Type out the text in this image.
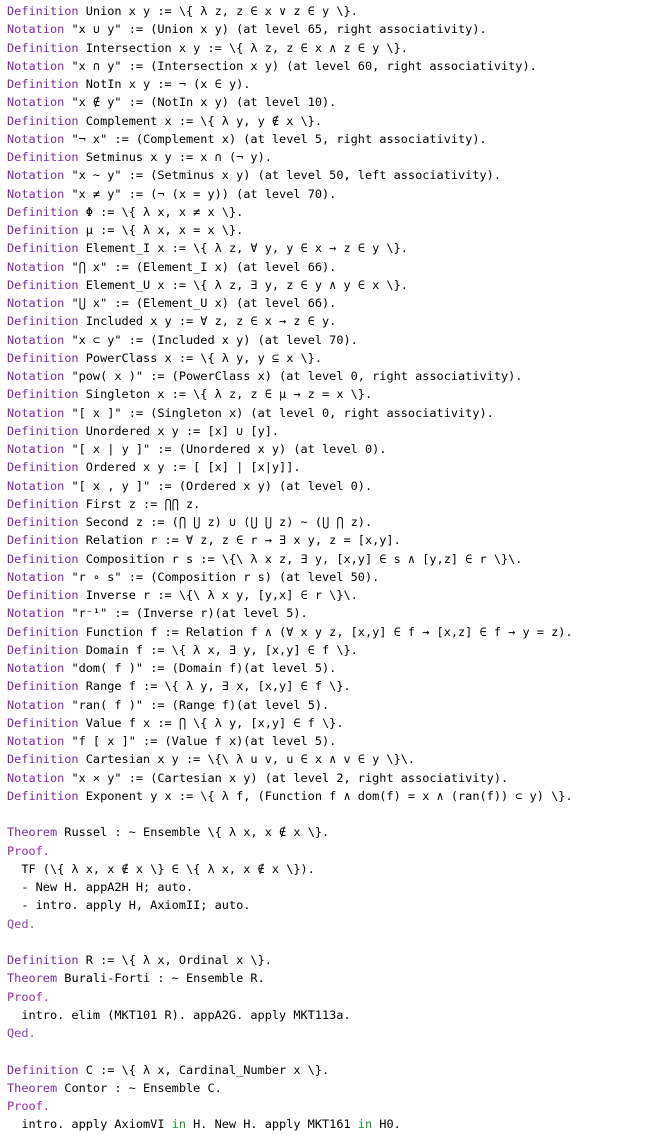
Definition Union x y := \{ λ z, z ∈ x ∨ z ∈ y \}.
Notation "x ∪ y" := (Union x y) (at level 65, right associativity).
Definition Intersection x y := \{ λ z, z ∈ x ∧ z ∈ y \}.
Notation "x ∩ y" := (Intersection x y) (at level 60, right associativity).
Definition NotIn x y := ¬ (x ∈ y).
Notation "x ∉ y" := (NotIn x y) (at level 10).
Definition Complement x := \{ λ y, y ∉ x \}.
Notation "¬ x" := (Complement x) (at level 5, right associativity).
Definition Setminus x y := x ∩ (¬ y).
Notation "x ∼ y" := (Setminus x y) (at level 50, left associativity).
Notation "x ≠ y" := (¬ (x = y)) (at level 70).
Definition Φ := \{ λ x, x ≠ x \}.
Definition μ := \{ λ x, x = x \}.
Definition Element_I x := \{ λ z, ∀ y, y ∈ x → z ∈ y \}.
Notation "⋂ x" := (Element_I x) (at level 66).
Definition Element_U x := \{ λ z, ∃ y, z ∈ y ∧ y ∈ x \}.
Notation "⋃ x" := (Element_U x) (at level 66).
Definition Included x y := ∀ z, z ∈ x → z ∈ y.
Notation "x ⊂ y" := (Included x y) (at level 70).
Definition PowerClass x := \{ λ y, y ⊆ x \}.
Notation "pow( x )" := (PowerClass x) (at level 0, right associativity).
Definition Singleton x := \{ λ z, z ∈ μ → z = x \}.
Notation "[ x ]" := (Singleton x) (at level 0, right associativity).
Definition Unordered x y := [x] ∪ [y].
Notation "[ x | y ]" := (Unordered x y) (at level 0).
Definition Ordered x y := [ [x] | [x|y]].
Notation "[ x , y ]" := (Ordered x y) (at level 0).
Definition First z := ⋂⋂ z.
Definition Second z := (⋂ ⋃ z) ∪ (⋃ ⋃ z) ∼ (⋃ ⋂ z).
Definition Relation r := ∀ z, z ∈ r → ∃ x y, z = [x,y].
Definition Composition r s := \{\ λ x z, ∃ y, [x,y] ∈ s ∧ [y,z] ∈ r \}\.
Notation "r ∘ s" := (Composition r s) (at level 50).
Definition Inverse r := \{\ λ x y, [y,x] ∈ r \}\.
Notation "r⁻¹" := (Inverse r)(at level 5).
Definition Function f := Relation f ∧ (∀ x y z, [x,y] ∈ f → [x,z] ∈ f → y = z).
Definition Domain f := \{ λ x, ∃ y, [x,y] ∈ f \}.
Notation "dom( f )" := (Domain f)(at level 5).
Definition Range f := \{ λ y, ∃ x, [x,y] ∈ f \}.
Notation "ran( f )" := (Range f)(at level 5).
Definition Value f x := ⋂ \{ λ y, [x,y] ∈ f \}.
Notation "f [ x ]" := (Value f x)(at level 5).
Definition Cartesian x y := \{\ λ u v, u ∈ x ∧ v ∈ y \}\.
Notation "x × y" := (Cartesian x y) (at level 2, right associativity).
Definition Exponent y x := \{ λ f, (Function f ∧ dom(f) = x ∧ (ran(f)) ⊂ y) \}.
Theorem Russel : ∼ Ensemble \{ λ x, x ∉ x \}.
Proof.
TF (\{ λ x, x ∉ x \} ∈ \{ λ x, x ∉ x \}).
- New H. appA2H H; auto.
- intro. apply H, AxiomII; auto.
Qed.
Definition R := \{ λ x, Ordinal x \}.
Theorem Burali-Forti : ∼ Ensemble R.
Proof.
intro. elim (MKT101 R). appA2G. apply MKT113a.
Qed.
Definition C := \{ λ x, Cardinal_Number x \}.
Theorem Contor : ∼ Ensemble C.
Proof.
intro. apply AxiomVI in H. New H. apply MKT161 in H0.
